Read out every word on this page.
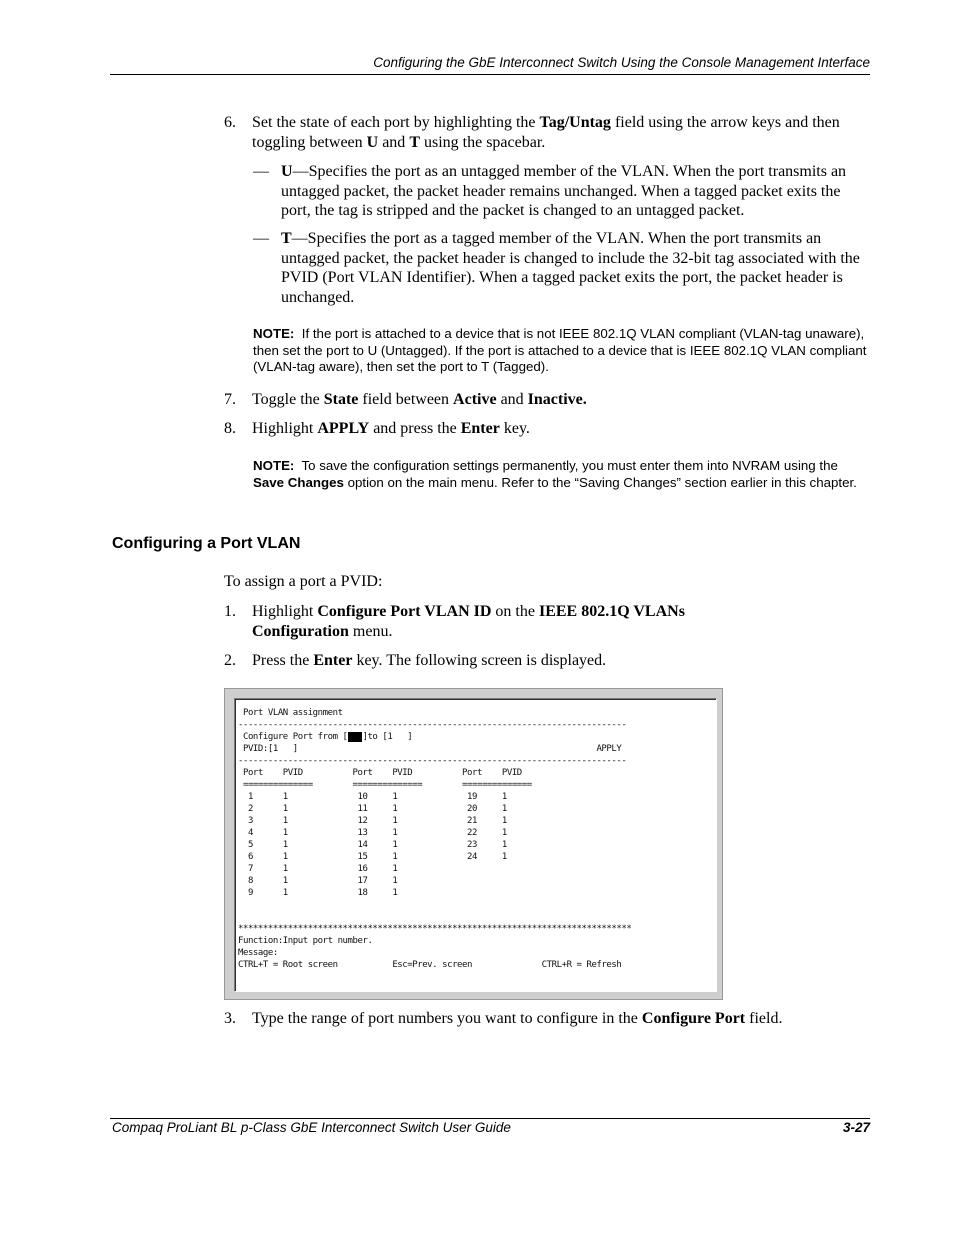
Configuring the GbE Interconnect Switch Using the Console Management Interface
6. Set the state of each port by highlighting the Tag/Untag field using the arrow keys and then toggling between U and T using the spacebar.
— U—Specifies the port as an untagged member of the VLAN. When the port transmits an untagged packet, the packet header remains unchanged. When a tagged packet exits the port, the tag is stripped and the packet is changed to an untagged packet.
— T—Specifies the port as a tagged member of the VLAN. When the port transmits an untagged packet, the packet header is changed to include the 32-bit tag associated with the PVID (Port VLAN Identifier). When a tagged packet exits the port, the packet header is unchanged.
NOTE: If the port is attached to a device that is not IEEE 802.1Q VLAN compliant (VLAN-tag unaware), then set the port to U (Untagged). If the port is attached to a device that is IEEE 802.1Q VLAN compliant (VLAN-tag aware), then set the port to T (Tagged).
7. Toggle the State field between Active and Inactive.
8. Highlight APPLY and press the Enter key.
NOTE: To save the configuration settings permanently, you must enter them into NVRAM using the Save Changes option on the main menu. Refer to the “Saving Changes” section earlier in this chapter.
Configuring a Port VLAN
To assign a port a PVID:
1. Highlight Configure Port VLAN ID on the IEEE 802.1Q VLANs Configuration menu.
2. Press the Enter key. The following screen is displayed.
Port VLAN assignment
------------------------------------------------------------------------------
Configure Port from [1  ]to [1   ]
PVID:[1   ]                                                            APPLY
------------------------------------------------------------------------------
Port    PVID          Port    PVID          Port    PVID
==============        ==============        ==============
1      1              10     1              19     1
2      1              11     1              20     1
3      1              12     1              21     1
4      1              13     1              22     1
5      1              14     1              23     1
6      1              15     1              24     1
7      1              16     1
8      1              17     1
9      1              18     1

*******************************************************************************
Function:Input port number.
Message:
CTRL+T = Root screen           Esc=Prev. screen              CTRL+R = Refresh
3. Type the range of port numbers you want to configure in the Configure Port field.
Compaq ProLiant BL p-Class GbE Interconnect Switch User Guide	3-27
